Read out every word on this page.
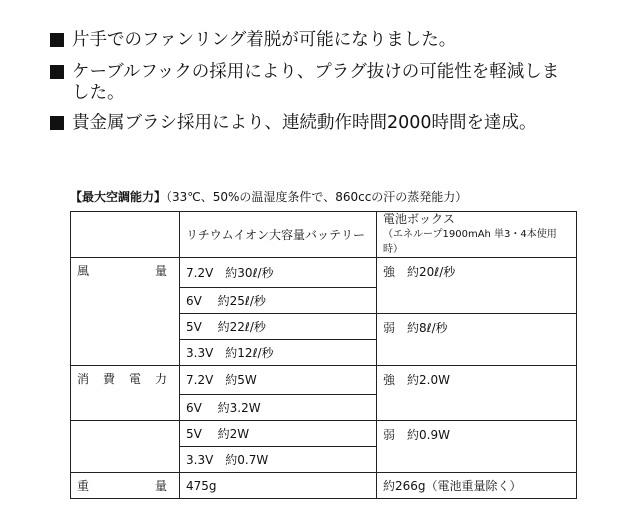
片手でのファンリング着脱が可能になりました。
ケーブルフックの採用により、プラグ抜けの可能性を軽減しました。
貴金属ブラシ採用により、連続動作時間2000時間を達成。
【最大空調能力】（33℃、50%の温湿度条件で、860ccの汗の蒸発能力）
	リチウムイオン大容量バッテリー	電池ボックス
（エネループ1900mAh 単3・4本使用時）

風 量	7.2V　約30ℓ/秒	強　約20ℓ/秒
	6V　 約25ℓ/秒	
	5V　 約22ℓ/秒	弱　約8ℓ/秒
	3.3V　約12ℓ/秒	

消 費 電 力	7.2V　約5W	強　約2.0W
	6V　 約3.2W	
	5V　 約2W	弱　約0.9W
	3.3V　約0.7W	

重 量	475g	約266g（電池重量除く）
